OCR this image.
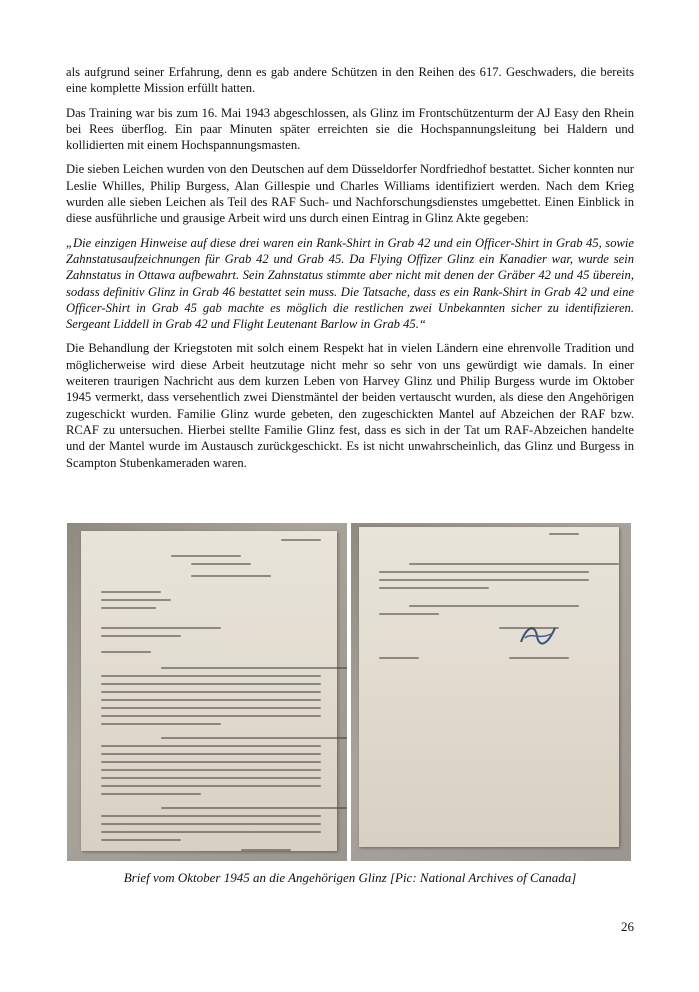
als aufgrund seiner Erfahrung, denn es gab andere Schützen in den Reihen des 617. Geschwaders, die bereits eine komplette Mission erfüllt hatten.

Das Training war bis zum 16. Mai 1943 abgeschlossen, als Glinz im Frontschützenturm der AJ Easy den Rhein bei Rees überflog. Ein paar Minuten später erreichten sie die Hochspannungsleitung bei Haldern und kollidierten mit einem Hochspannungsmasten.

Die sieben Leichen wurden von den Deutschen auf dem Düsseldorfer Nordfriedhof bestattet. Sicher konnten nur Leslie Whilles, Philip Burgess, Alan Gillespie und Charles Williams identifiziert werden. Nach dem Krieg wurden alle sieben Leichen als Teil des RAF Such- und Nachforschungsdienstes umgebettet. Einen Einblick in diese ausführliche und grausige Arbeit wird uns durch einen Eintrag in Glinz Akte gegeben:

„Die einzigen Hinweise auf diese drei waren ein Rank-Shirt in Grab 42 und ein Officer-Shirt in Grab 45, sowie Zahnstatusaufzeichnungen für Grab 42 und Grab 45. Da Flying Offizer Glinz ein Kanadier war, wurde sein Zahnstatus in Ottawa aufbewahrt. Sein Zahnstatus stimmte aber nicht mit denen der Gräber 42 und 45 überein, sodass definitiv Glinz in Grab 46 bestattet sein muss. Die Tatsache, dass es ein Rank-Shirt in Grab 42 und eine Officer-Shirt in Grab 45 gab machte es möglich die restlichen zwei Unbekannten sicher zu identifizieren. Sergeant Liddell in Grab 42 und Flight Leutenant Barlow in Grab 45.“

Die Behandlung der Kriegstoten mit solch einem Respekt hat in vielen Ländern eine ehrenvolle Tradition und möglicherweise wird diese Arbeit heutzutage nicht mehr so sehr von uns gewürdigt wie damals. In einer weiteren traurigen Nachricht aus dem kurzen Leben von Harvey Glinz und Philip Burgess wurde im Oktober 1945 vermerkt, dass versehentlich zwei Dienstmäntel der beiden vertauscht wurden, als diese den Angehörigen zugeschickt wurden. Familie Glinz wurde gebeten, den zugeschickten Mantel auf Abzeichen der RAF bzw. RCAF zu untersuchen. Hierbei stellte Familie Glinz fest, dass es sich in der Tat um RAF-Abzeichen handelte und der Mantel wurde im Austausch zurückgeschickt. Es ist nicht unwahrscheinlich, das Glinz und Burgess in Scampton Stubenkameraden waren.

Brief vom Oktober 1945 an die Angehörigen Glinz [Pic: National Archives of Canada]
26
